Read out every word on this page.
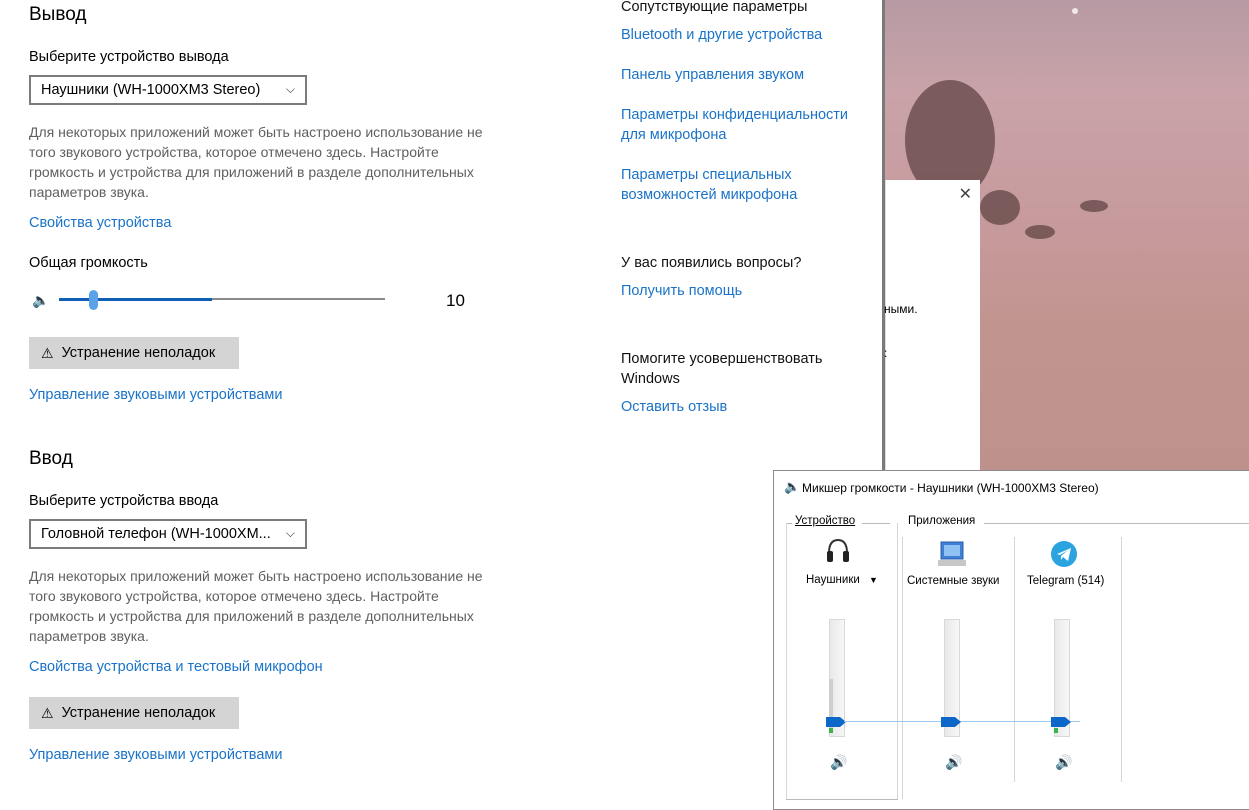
Вывод
Выберите устройство вывода
Наушники (WH-1000XM3 Stereo) ⌵
Для некоторых приложений может быть настроено использование не того звукового устройства, которое отмечено здесь. Настройте громкость и устройства для приложений в разделе дополнительных параметров звука.
Свойства устройства
Общая громкость
🔈	10
⚠ Устранение неполадок
Управление звуковыми устройствами
Ввод
Выберите устройства ввода
Головной телефон (WH-1000XM... ⌵
Для некоторых приложений может быть настроено использование не того звукового устройства, которое отмечено здесь. Настройте громкость и устройства для приложений в разделе дополнительных параметров звука.
Свойства устройства и тестовый микрофон
⚠ Устранение неполадок
Управление звуковыми устройствами
Сопутствующие параметры
Bluetooth и другие устройства
Панель управления звуком
Параметры конфиденциальности для микрофона
Параметры специальных возможностей микрофона
У вас появились вопросы?
Получить помощь
Помогите усовершенствовать Windows
Оставить отзыв
✕
ными.
:
🔈 Микшер громкости - Наушники (WH-1000XM3 Stereo)
Устройство	Приложения
Наушники ▼
🔊
Системные звуки
🔊
Telegram (514)
🔊
